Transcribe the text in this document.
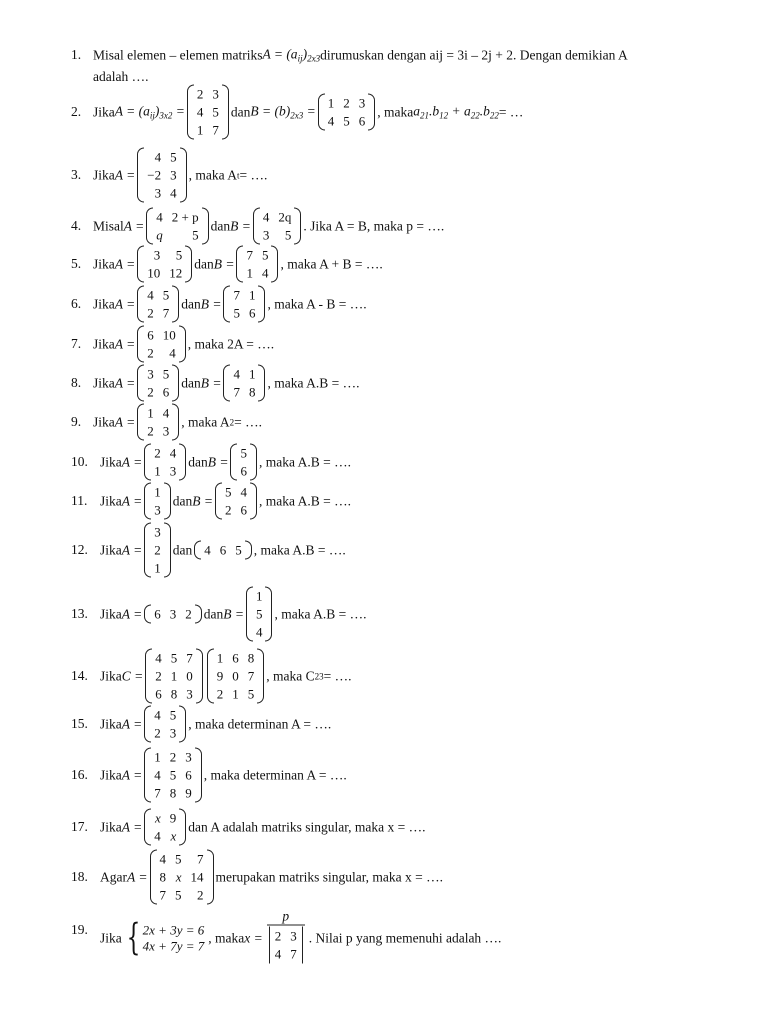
1. Misal elemen – elemen matriks $A = (a_{ij})_{2x3}$ dirumuskan dengan aij = 3i – 2j + 2. Dengan demikian A
adalah ….
2. Jika $A = (a_{ij})_{3x2}$ =
2 3
4 5
1 7
dan $B = (b)_{2x3}$ =
1 2 3
4 5 6
, maka $a_{21}.b_{12} + a_{22}.b_{22}$ = …
3. Jika A =
4 5
−2 3
3 4
, maka A t = ….
4. Misal A =
4 2 + p
q	5
dan B =
4 2q
3	5
. Jika A = B, maka p = ….
5. Jika A =
3	5
10 12
dan B =
7 5
1 4
, maka A + B = ….
6. Jika A =
4 5
2 7
dan B =
7 1
5 6
, maka A - B = ….
7. Jika A =
6 10
2	4
, maka 2A = ….
8. Jika A =
3 5
2 6
dan B =
4 1
7 8
, maka A.B = ….
9. Jika A =
1 4
2 3
, maka A 2 = ….
10. Jika A =
2 4
1 3
dan B =
5
6
, maka A.B = ….
11. Jika A =
1
3
dan B =
5 4
2 6
, maka A.B = ….
12. Jika A =
3
2
1
dan 4 6 5 , maka A.B = ….
13. Jika A = 6 3 2 dan B =
1
5
4
, maka A.B = ….
14. Jika C =
4 5 7
2 1 0
6 8 3
1 6 8
9 0 7
2 1 5
, maka C 23 = ….
15. Jika A =
4 5
2 3
, maka determinan A = ….
16. Jika A =
1 2 3
4 5 6
7 8 9
, maka determinan A = ….
17. Jika A =
x 9
4 x
dan A adalah matriks singular, maka x = ….
18. Agar A =
4 5	7
8 x 14
7 5	2
merupakan matriks singular, maka x = ….
19.
Jika { 2x + 3y = 6
4x + 7y = 7
, maka x = p
2 3
4 7 . Nilai p yang memenuhi adalah ….
